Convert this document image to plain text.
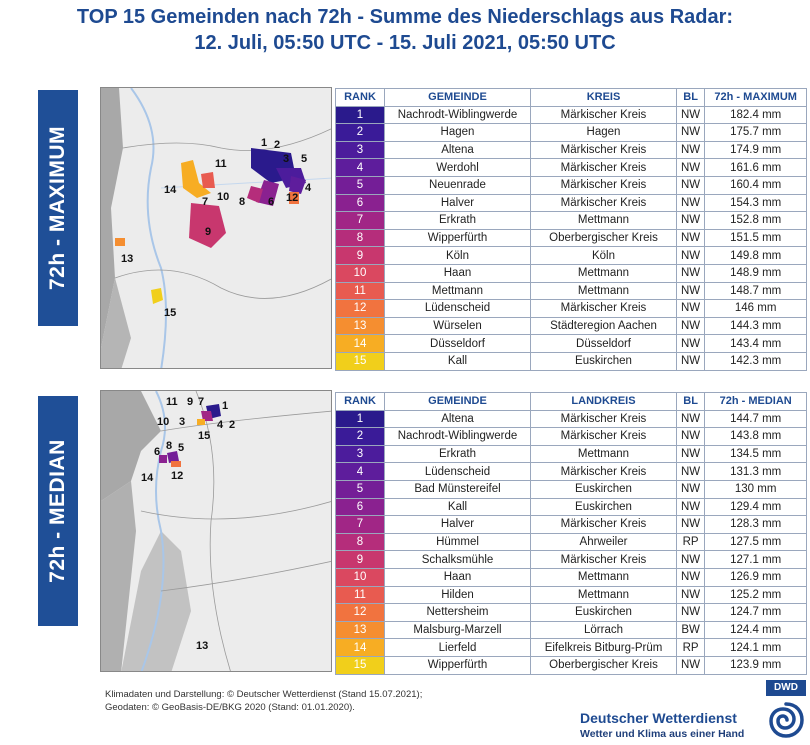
TOP 15 Gemeinden nach 72h - Summe des Niederschlags aus Radar:
12. Juli, 05:50 UTC - 15. Juli 2021, 05:50 UTC
72h - MAXIMUM	1 2
3
4
5
6
7	8
9
10
11
12
13
14
15
RANK	GEMEINDE	KREIS	BL	72h - MAXIMUM
1	Nachrodt-Wiblingwerde	Märkischer Kreis	NW	182.4 mm
2	Hagen	Hagen	NW	175.7 mm
3	Altena	Märkischer Kreis	NW	174.9 mm
4	Werdohl	Märkischer Kreis	NW	161.6 mm
5	Neuenrade	Märkischer Kreis	NW	160.4 mm
6	Halver	Märkischer Kreis	NW	154.3 mm
7	Erkrath	Mettmann	NW	152.8 mm
8	Wipperfürth	Oberbergischer Kreis	NW	151.5 mm
9	Köln	Köln	NW	149.8 mm
10	Haan	Mettmann	NW	148.9 mm
11	Mettmann	Mettmann	NW	148.7 mm
12	Lüdenscheid	Märkischer Kreis	NW	146 mm
13	Würselen	Städteregion Aachen	NW	144.3 mm
14	Düsseldorf	Düsseldorf	NW	143.4 mm
15	Kall	Euskirchen	NW	142.3 mm
72h - MEDIAN
1
2
3	4
5
6
7
8
9
10
11
12
13
14
15
RANK	GEMEINDE	LANDKREIS	BL	72h - MEDIAN
1	Altena	Märkischer Kreis	NW	144.7 mm
2	Nachrodt-Wiblingwerde	Märkischer Kreis	NW	143.8 mm
3	Erkrath	Mettmann	NW	134.5 mm
4	Lüdenscheid	Märkischer Kreis	NW	131.3 mm
5	Bad Münstereifel	Euskirchen	NW	130 mm
6	Kall	Euskirchen	NW	129.4 mm
7	Halver	Märkischer Kreis	NW	128.3 mm
8	Hümmel	Ahrweiler	RP	127.5 mm
9	Schalksmühle	Märkischer Kreis	NW	127.1 mm
10	Haan	Mettmann	NW	126.9 mm
11	Hilden	Mettmann	NW	125.2 mm
12	Nettersheim	Euskirchen	NW	124.7 mm
13	Malsburg-Marzell	Lörrach	BW	124.4 mm
14	Lierfeld	Eifelkreis Bitburg-Prüm	RP	124.1 mm
15	Wipperfürth	Oberbergischer Kreis	NW	123.9 mm
Klimadaten und Darstellung: © Deutscher Wetterdienst (Stand 15.07.2021);
Geodaten: © GeoBasis-DE/BKG 2020 (Stand: 01.01.2020).
Deutscher Wetterdienst
Wetter und Klima aus einer Hand
DWD
